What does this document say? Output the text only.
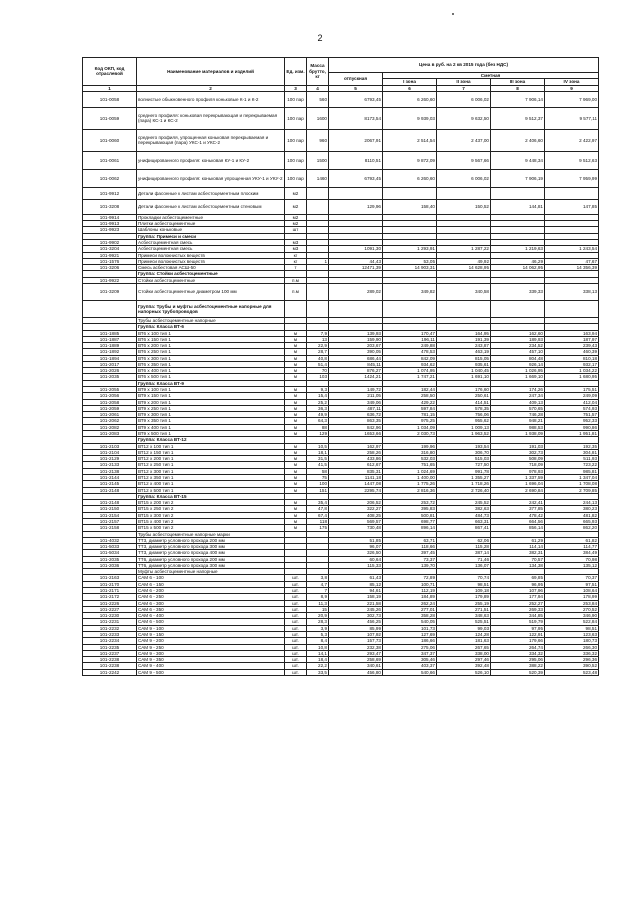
2
Код ОКП, код отраслевой	Наименование материалов и изделий	Ед. изм.	Масса брутто, кг	Цена в руб. на 2 кв 2015 года (без НДС)				
				отпускная	Сметная			
					I зона	II зона	III зона	IV зона
1	2	3	4	5	6	7	8	9
101-0058	волнистые обыкновенного профиля коньковые К-1 и К-2	100 пар	560	6793,45	6 260,60	6 006,02	7 906,14	7 969,00
101-0059	среднего профиля: коньковая перекрывающая и перекрываемая (пара) КС-1 и КС-2	100 пар	1600	8173,54	9 939,03	9 632,50	9 512,37	9 577,11
101-0060	среднего профиля, упрощенная коньковая перекрываемая и перекрывающая (пара) УКС-1 и УКС-2	100 пар	960	2067,91	2 514,54	2 437,00	2 406,60	2 422,97
101-0061	унифицированного профиля: коньковая КУ-1 и КУ-2	100 пар	1500	8110,51	9 872,09	9 567,66	9 448,34	9 512,63
101-0062	унифицированного профиля: коньковая упрощенная УКУ-1 и УКУ-2	100 пар	1460	6793,45	6 260,60	6 006,02	7 906,19	7 959,99
101-9912	Детали фасонные к листам асбестоцементным плоским	м2						
101-3208	Детали фасонные к листам асбестоцементным стеновым	м2		129,96	158,40	150,52	144,81	147,85
101-9914	Прокладки асбестоцементные	м2						
101-9913	Плитки асбестоцементные	м2						
101-9923	Шаблоны коньковые	шт						
	Группа: Примеси и смеси							
101-9902	Асбестоцементная смесь	м3						
101-3204	Асбестоцементная смесь	м3		1091,30	1 293,91	1 287,22	1 219,63	1 243,54
101-9921	Примеси волокнистых веществ	кг						
101-1576	Примеси волокнистых веществ	кг	1	44,43	53,05	49,92	46,29	47,67
101-3206	Смесь асбестовая АСШ-50	т		12471,39	14 903,31	14 628,95	14 062,95	14 356,39
	Группа: Стойки асбестоцементные							
101-9922	Стойки асбестоцементные	п.м						
101-3209	Стойки асбестоцементные диаметром 100 мм	п.м		289,02	349,82	340,58	339,33	338,13
	Группа: Трубы и муфты асбестоцементные напорные для напорных трубопроводов							
	Трубы асбестоцементные напорные							
	Группа: Класса ВТ-6							
101-1885	ВТ6 х 100 тип 1	м	7,9	139,93	170,47	164,95	162,60	163,94
101-1887	ВТ6 х 150 тип 1	м	13	159,90	196,11	191,39	189,93	187,97
101-1889	ВТ6 х 200 тип 1	м	22,9	203,67	249,88	243,87	234,52	239,43
101-1892	ВТ6 х 250 тип 1	м	28,7	390,05	478,53	463,19	457,10	460,39
101-1894	ВТ6 х 300 тип 1	м	40,8	686,44	842,09	815,05	804,48	810,18
101-2017	ВТ6 х 350 тип 1	м	51,4	845,11	934,62	935,61	926,14	932,17
101-2026	ВТ6 х 400 тип 1	м	70	876,27	1 074,95	1 040,45	1 026,95	1 034,22
101-2035	ВТ6 х 500 тип 1	м	103	1424,21	1 747,21	1 691,10	1 669,10	1 680,95
	Группа: Класса ВТ-9							
101-2055	ВТ9 х 100 тип 1	м	9,3	149,72	182,44	176,60	174,26	175,51
101-2056	ВТ9 х 150 тип 1	м	15,4	211,05	258,50	250,61	247,34	249,09
101-2058	ВТ9 х 200 тип 1	м	25,2	349,06	429,22	414,51	409,13	412,04
101-2059	ВТ9 х 250 тип 1	м	36,3	487,11	597,84	578,35	570,65	574,93
101-2061	ВТ9 х 300 тип 1	м	49,9	636,72	781,15	756,06	746,28	751,57
101-2062	ВТ9 х 350 тип 1	м	64,3	863,35	975,25	955,62	948,21	952,33
101-2082	ВТ9 х 400 тип 1	м	88	842,96	1 034,09	1 009,13	988,53	990,86
101-2083	ВТ9 х 500 тип 1	м	129	1653,66	2 030,73	1 963,52	1 938,09	1 951,81
	Группа: Класса ВТ-12							
101-2103	ВТ12 х 100 тип 1	м	10,5	162,97	199,96	193,54	191,03	192,35
101-2104	ВТ12 х 150 тип 1	м	18,1	258,26	316,80	306,70	302,73	304,81
101-2129	ВТ12 х 200 тип 1	м	31,5	433,86	532,03	515,03	508,09	511,93
101-2133	ВТ12 х 250 тип 1	м	41,5	612,67	751,65	727,50	718,09	723,22
101-2138	ВТ12 х 300 тип 1	м	58	835,31	1 024,69	991,78	978,93	985,81
101-2144	ВТ12 х 350 тип 1	м	75	1141,18	1 400,00	1 355,27	1 337,59	1 347,04
101-2145	ВТ12 х 400 тип 1	м	100	1447,08	1 775,26	1 718,26	1 696,04	1 708,08
101-2148	ВТ12 х 500 тип 1	м	151	2295,74	2 816,36	2 726,40	2 690,84	2 709,85
	Группа: Класса ВТ-15							
101-2148	ВТ15 х 200 тип 2	м	35,4	206,52	253,72	245,52	242,41	244,13
101-2150	ВТ15 х 250 тип 2	м	47,8	322,27	395,83	382,63	377,85	380,23
101-2154	ВТ15 х 300 тип 2	м	67,4	408,25	500,81	484,73	478,42	481,82
101-2157	ВТ15 х 400 тип 2	м	118	569,57	698,77	663,31	664,56	665,93
101-2158	ВТ15 х 500 тип 2	м	175	730,48	896,14	867,41	856,14	862,20
	Трубы асбестоцементные напорные марки							
101-4032	ТТ3, диаметр условного прохода 200 мм			51,85	63,71	62,06	61,29	61,82
101-5033	ТТ3, диаметр условного прохода 300 мм			96,07	118,66	115,28	114,14	114,77
101-5034	ТТ3, диаметр условного прохода 400 мм			326,50	397,45	387,14	382,31	384,49
101-2035	ТТ6, диаметр условного прохода 200 мм			60,64	73,37	71,46	70,57	70,98
101-2036	ТТ6, диаметр условного прохода 300 мм			115,33	139,70	136,07	134,38	135,12
	Муфты асбестоцементные напорные							
101-2163	САМ 6 - 100	шт.	3,8	61,43	72,89	70,74	69,85	70,37
101-2170	САМ 6 - 150	шт.	4,7	85,12	100,71	98,51	96,95	97,51
101-2171	САМ 6 - 200	шт.	7	94,61	112,19	109,18	107,96	108,64
101-2172	САМ 6 - 250	шт.	8,9	158,19	184,89	179,89	177,94	178,99
101-2226	САМ 6 - 300	шт.	11,3	221,58	262,24	255,19	252,27	253,84
101-2227	САМ 6 - 350	шт.	15	245,26	277,01	271,51	269,33	270,52
101-2230	САМ 6 - 400	шт.	20,9	302,73	358,28	348,63	344,85	346,90
101-2231	САМ 6 - 500	шт.	28,3	456,25	540,05	525,51	519,79	522,84
101-2232	САМ 9 - 100	шт.	3,9	85,99	101,73	99,03	97,95	98,51
101-2233	САМ 9 - 150	шт.	5,3	107,92	127,69	124,28	122,91	123,63
101-2234	САМ 9 - 200	шт.	8,4	157,73	186,66	181,63	179,66	180,73
101-2235	САМ 9 - 250	шт.	10,8	232,38	275,06	267,65	264,74	266,30
101-2237	САМ 9 - 300	шт.	14,1	293,47	347,37	338,00	334,32	336,32
101-2238	САМ 9 - 350	шт.	18,4	258,69	305,46	297,46	295,06	296,36
101-2238	САМ 9 - 400	шт.	22,2	340,61	403,37	392,48	388,22	390,52
101-2242	САМ 9 - 500	шт.	33,5	456,80	540,66	526,10	520,39	523,48
